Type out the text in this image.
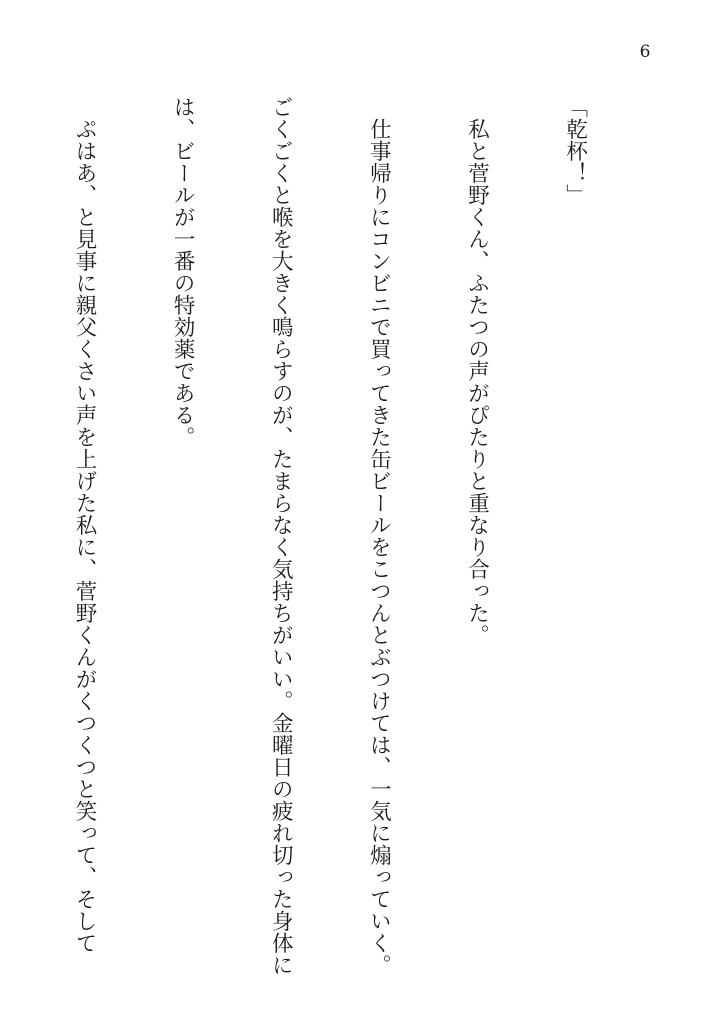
6

「乾杯！」

　私と菅野くん、ふたつの声がぴたりと重なり合った。

　仕事帰りにコンビニで買ってきた缶ビールをこつんとぶつけては、一気に煽っていく。

ごくごくと喉を大きく鳴らすのが、たまらなく気持ちがいい。金曜日の疲れ切った身体に

は、ビールが一番の特効薬である。

　ぷはあ、と見事に親父くさい声を上げた私に、菅野くんがくつくつと笑って、そして
